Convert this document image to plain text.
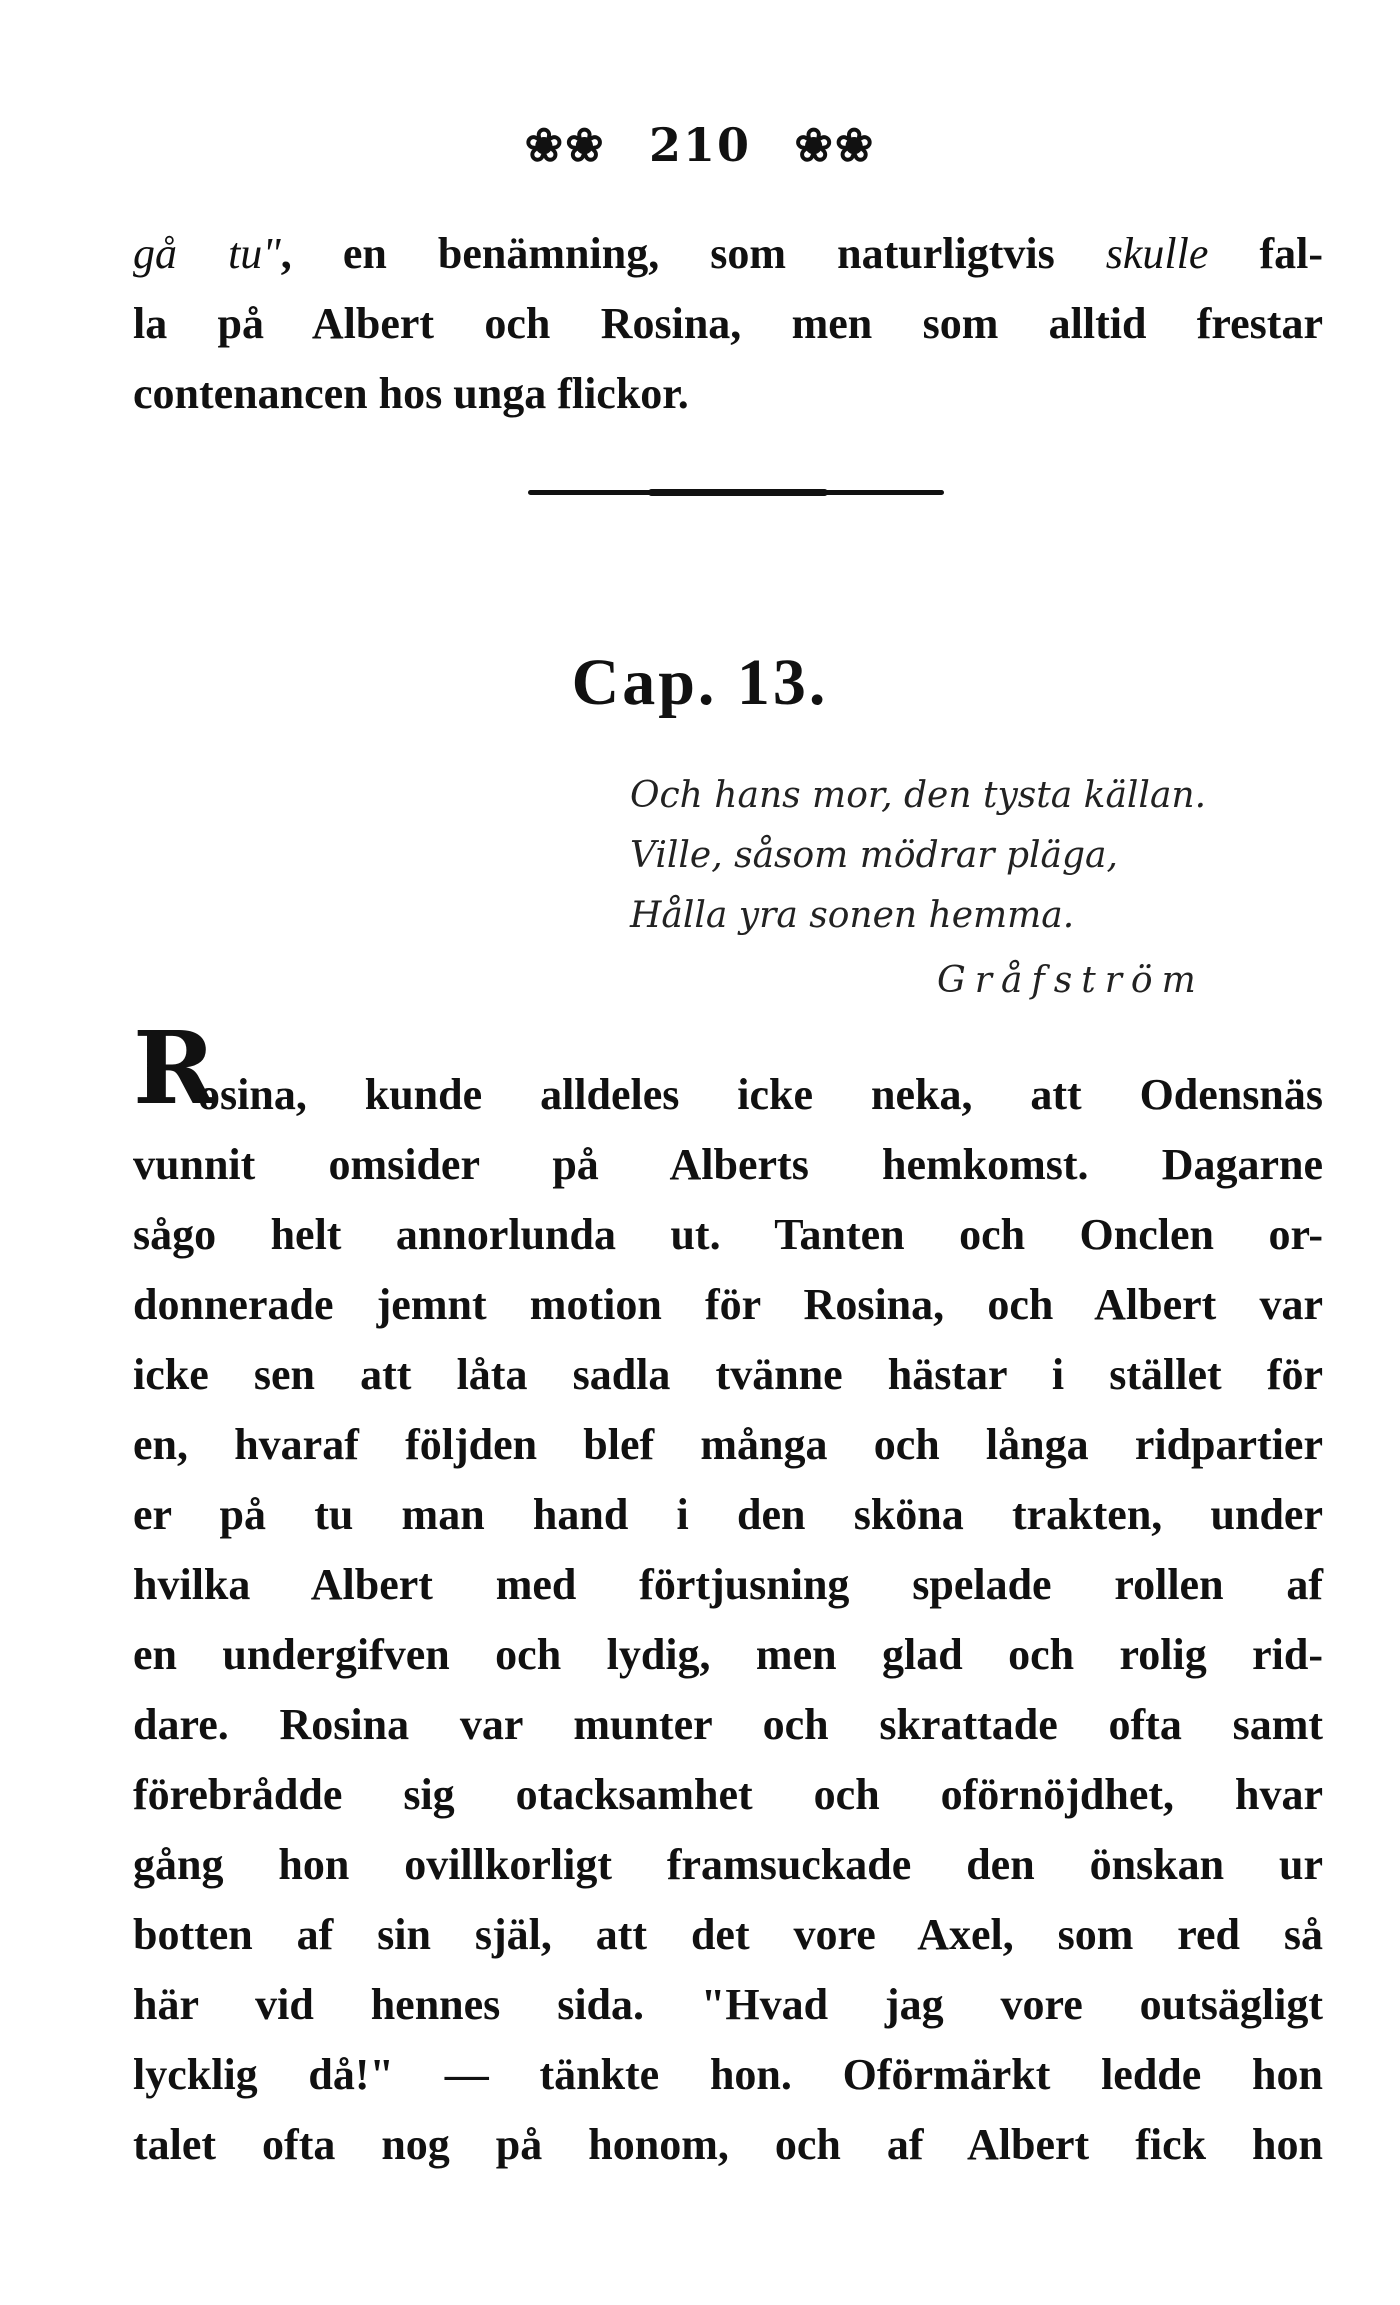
❀❀ 210 ❀❀
gå tu", en benämning, som naturligtvis skulle fal-
la på Albert och Rosina, men som alltid frestar
contenancen hos unga flickor.
Cap. 13.
Och hans mor, den tysta källan.
Ville, såsom mödrar pläga,
Hålla yra sonen hemma.
Gråfström
R
osina, kunde alldeles icke neka, att Odensnäs
vunnit omsider på Alberts hemkomst. Dagarne
sågo helt annorlunda ut. Tanten och Onclen or-
donnerade jemnt motion för Rosina, och Albert var
icke sen att låta sadla tvänne hästar i stället för
en, hvaraf följden blef många och långa ridpartier
er på tu man hand i den sköna trakten, under
hvilka Albert med förtjusning spelade rollen af
en undergifven och lydig, men glad och rolig rid-
dare. Rosina var munter och skrattade ofta samt
förebrådde sig otacksamhet och oförnöjdhet, hvar
gång hon ovillkorligt framsuckade den önskan ur
botten af sin själ, att det vore Axel, som red så
här vid hennes sida. "Hvad jag vore outsägligt
lycklig då!" — tänkte hon. Oförmärkt ledde hon
talet ofta nog på honom, och af Albert fick hon
